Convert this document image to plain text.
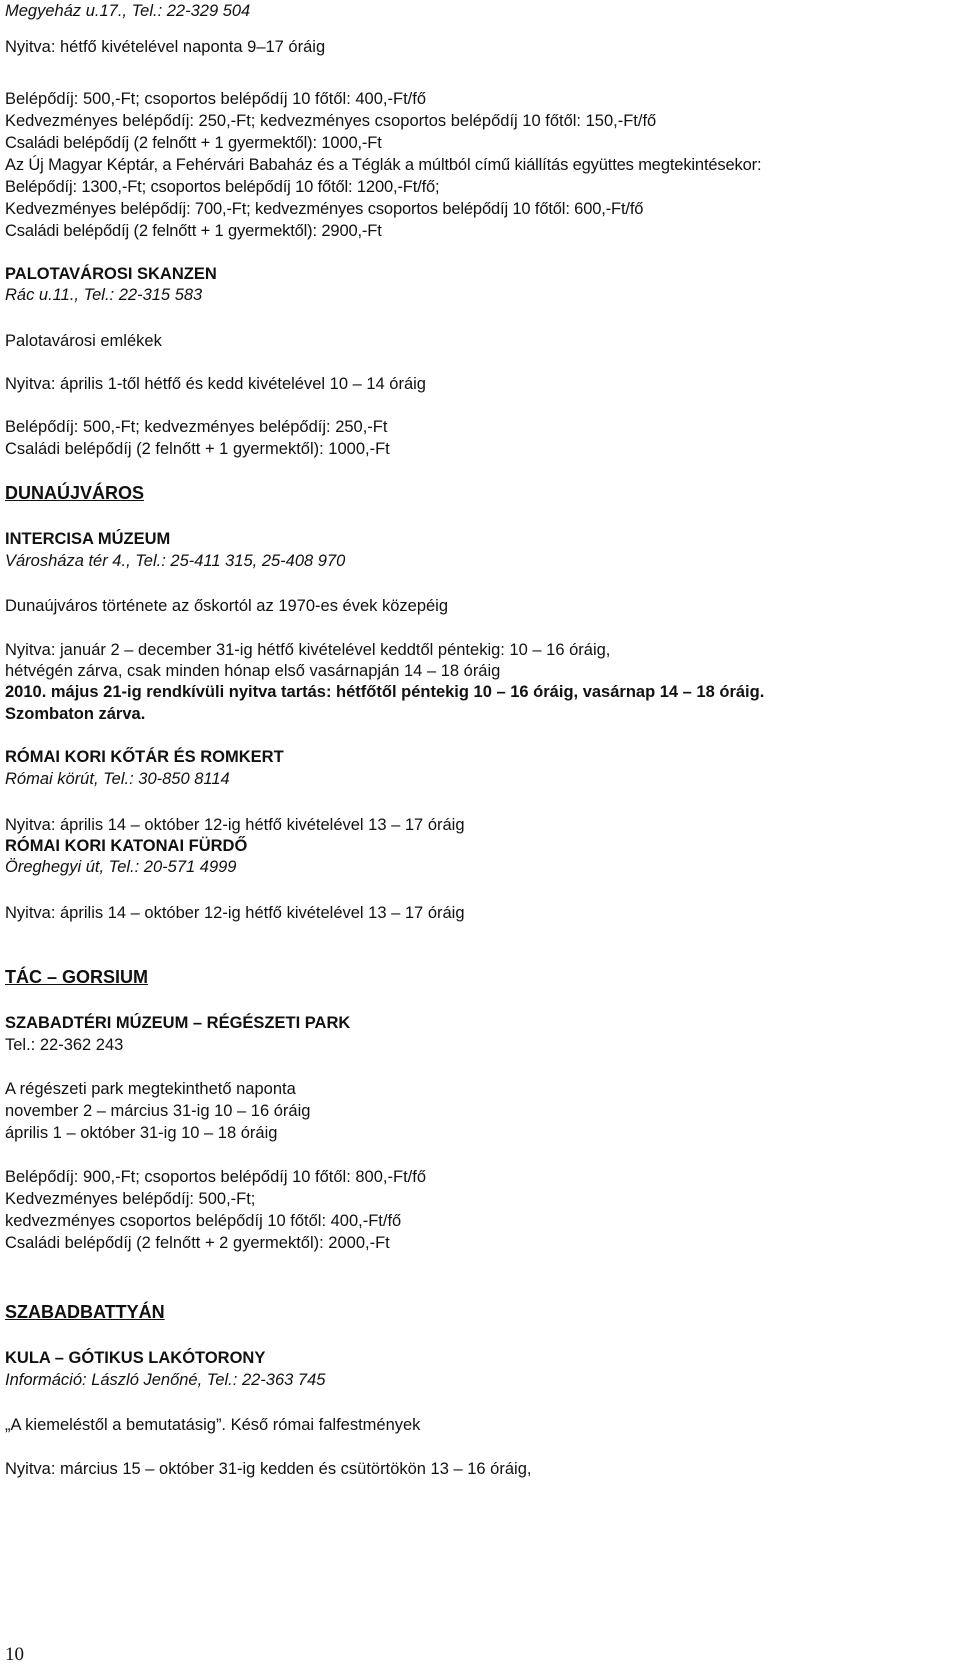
Megyeház u.17., Tel.: 22-329 504
Nyitva: hétfő kivételével naponta 9–17 óráig
Belépődíj: 500,-Ft; csoportos belépődíj 10 főtől: 400,-Ft/fő
Kedvezményes belépődíj: 250,-Ft; kedvezményes csoportos belépődíj 10 főtől: 150,-Ft/fő
Családi belépődíj (2 felnőtt + 1 gyermektől): 1000,-Ft
Az Új Magyar Képtár, a Fehérvári Babaház és a Téglák a múltból című kiállítás együttes megtekintésekor:
Belépődíj: 1300,-Ft; csoportos belépődíj 10 főtől: 1200,-Ft/fő;
Kedvezményes belépődíj: 700,-Ft; kedvezményes csoportos belépődíj 10 főtől: 600,-Ft/fő
Családi belépődíj (2 felnőtt + 1 gyermektől): 2900,-Ft
PALOTAVÁROSI SKANZEN
Rác u.11., Tel.: 22-315 583
Palotavárosi emlékek
Nyitva: április 1-től hétfő és kedd kivételével 10 – 14 óráig
Belépődíj: 500,-Ft; kedvezményes belépődíj: 250,-Ft
Családi belépődíj (2 felnőtt + 1 gyermektől): 1000,-Ft
DUNAÚJVÁROS
INTERCISA MÚZEUM
Városháza tér 4., Tel.: 25-411 315, 25-408 970
Dunaújváros története az őskortól az 1970-es évek közepéig
Nyitva: január 2 – december 31-ig hétfő kivételével keddtől péntekig: 10 – 16 óráig,
hétvégén zárva, csak minden hónap első vasárnapján 14 – 18 óráig
2010. május 21-ig rendkívüli nyitva tartás: hétfőtől péntekig 10 – 16 óráig, vasárnap 14 – 18 óráig.
Szombaton zárva.
RÓMAI KORI KŐTÁR ÉS ROMKERT
Római körút, Tel.: 30-850 8114
Nyitva: április 14 – október 12-ig hétfő kivételével 13 – 17 óráig
RÓMAI KORI KATONAI FÜRDŐ
Öreghegyi út, Tel.: 20-571 4999
Nyitva: április 14 – október 12-ig hétfő kivételével 13 – 17 óráig
TÁC – GORSIUM
SZABADTÉRI MÚZEUM – RÉGÉSZETI PARK
Tel.: 22-362 243
A régészeti park megtekinthető naponta
november 2 – március 31-ig 10 – 16 óráig
április 1 – október 31-ig 10 – 18 óráig
Belépődíj: 900,-Ft; csoportos belépődíj 10 főtől: 800,-Ft/fő
Kedvezményes belépődíj: 500,-Ft;
kedvezményes csoportos belépődíj 10 főtől: 400,-Ft/fő
Családi belépődíj (2 felnőtt + 2 gyermektől): 2000,-Ft
SZABADBATTYÁN
KULA – GÓTIKUS LAKÓTORONY
Információ: László Jenőné, Tel.: 22-363 745
„A kiemeléstől a bemutatásig”. Késő római falfestmények
Nyitva: március 15 – október 31-ig kedden és csütörtökön 13 – 16 óráig,
10
